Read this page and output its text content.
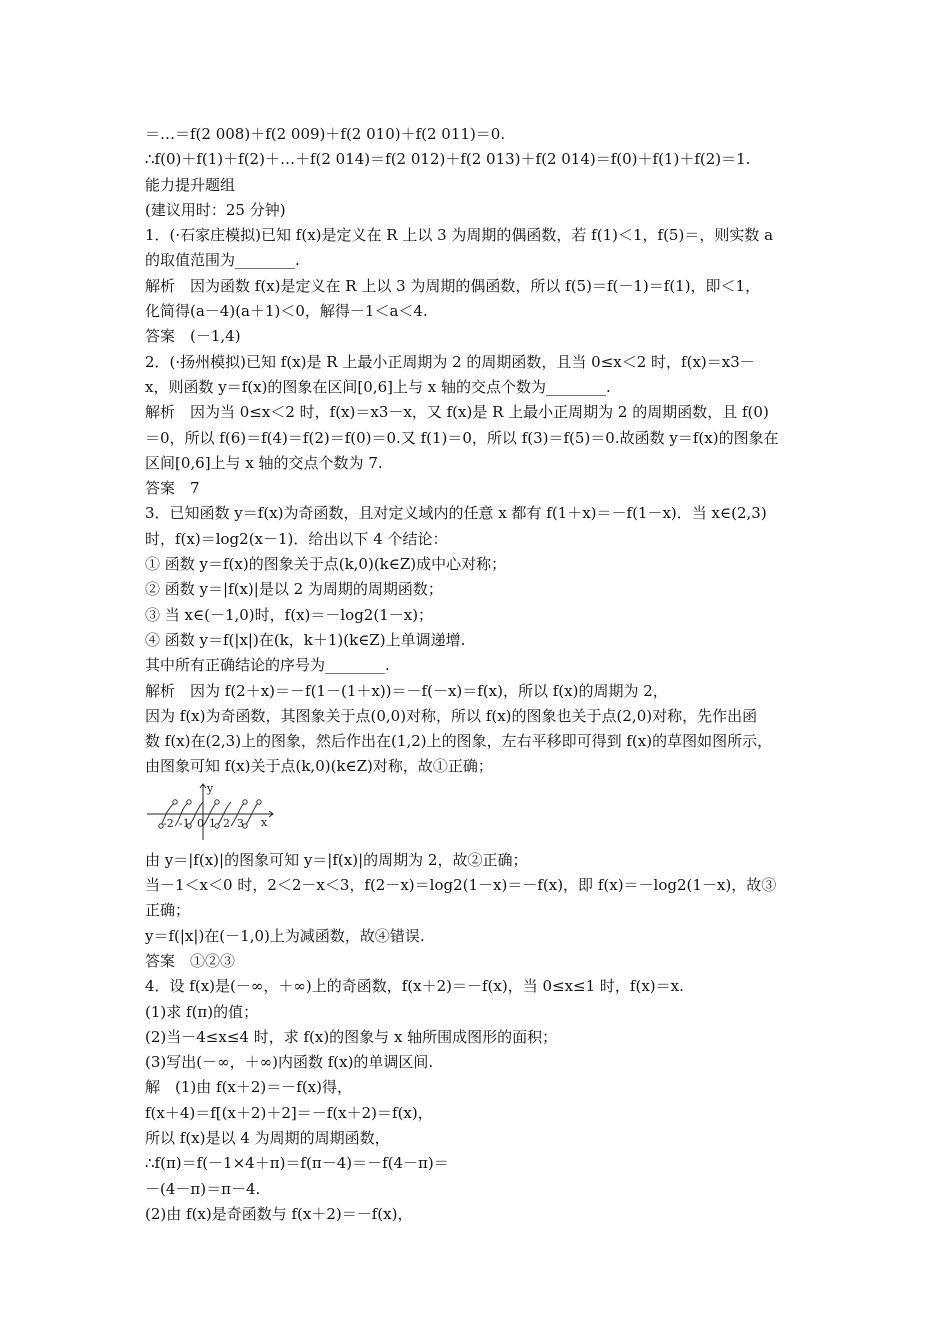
＝…＝f(2 008)＋f(2 009)＋f(2 010)＋f(2 011)＝0.

∴f(0)＋f(1)＋f(2)＋…＋f(2 014)＝f(2 012)＋f(2 013)＋f(2 014)＝f(0)＋f(1)＋f(2)＝1.

能力提升题组

(建议用时：25 分钟)

1．(·石家庄模拟)已知 f(x)是定义在 R 上以 3 为周期的偶函数，若 f(1)＜1，f(5)＝，则实数 a

的取值范围为________.

解析　因为函数 f(x)是定义在 R 上以 3 为周期的偶函数，所以 f(5)＝f(－1)＝f(1)，即＜1，

化简得(a－4)(a＋1)＜0，解得－1＜a＜4.

答案　(－1,4)

2．(·扬州模拟)已知 f(x)是 R 上最小正周期为 2 的周期函数，且当 0≤x＜2 时，f(x)＝x3－

x，则函数 y＝f(x)的图象在区间[0,6]上与 x 轴的交点个数为________.

解析　因为当 0≤x＜2 时，f(x)＝x3－x，又 f(x)是 R 上最小正周期为 2 的周期函数，且 f(0)

＝0，所以 f(6)＝f(4)＝f(2)＝f(0)＝0.又 f(1)＝0，所以 f(3)＝f(5)＝0.故函数 y＝f(x)的图象在

区间[0,6]上与 x 轴的交点个数为 7.

答案　7

3．已知函数 y＝f(x)为奇函数，且对定义域内的任意 x 都有 f(1＋x)＝－f(1－x)．当 x∈(2,3)

时，f(x)＝log2(x－1)．给出以下 4 个结论：

① 函数 y＝f(x)的图象关于点(k,0)(k∈Z)成中心对称；

② 函数 y＝|f(x)|是以 2 为周期的周期函数；

③ 当 x∈(－1,0)时，f(x)＝－log2(1－x)；

④ 函数 y＝f(|x|)在(k，k＋1)(k∈Z)上单调递增.

其中所有正确结论的序号为________.

解析　因为 f(2＋x)＝－f(1－(1＋x))＝－f(－x)＝f(x)，所以 f(x)的周期为 2，

因为 f(x)为奇函数，其图象关于点(0,0)对称，所以 f(x)的图象也关于点(2,0)对称，先作出函

数 f(x)在(2,3)上的图象，然后作出在(1,2)上的图象，左右平移即可得到 f(x)的草图如图所示，

由图象可知 f(x)关于点(k,0)(k∈Z)对称，故①正确；

y
x
-2 -1 0 1 2 3

由 y＝|f(x)|的图象可知 y＝|f(x)|的周期为 2，故②正确；

当－1＜x＜0 时，2＜2－x＜3，f(2－x)＝log2(1－x)＝－f(x)，即 f(x)＝－log2(1－x)，故③

正确；

y＝f(|x|)在(－1,0)上为减函数，故④错误.

答案　①②③

4．设 f(x)是(－∞，＋∞)上的奇函数，f(x＋2)＝－f(x)，当 0≤x≤1 时，f(x)＝x.

(1)求 f(π)的值；

(2)当－4≤x≤4 时，求 f(x)的图象与 x 轴所围成图形的面积；

(3)写出(－∞，＋∞)内函数 f(x)的单调区间.

解　(1)由 f(x＋2)＝－f(x)得，

f(x＋4)＝f[(x＋2)＋2]＝－f(x＋2)＝f(x)，

所以 f(x)是以 4 为周期的周期函数，

∴f(π)＝f(－1×4＋π)＝f(π－4)＝－f(4－π)＝

－(4－π)＝π－4.

(2)由 f(x)是奇函数与 f(x＋2)＝－f(x)，
